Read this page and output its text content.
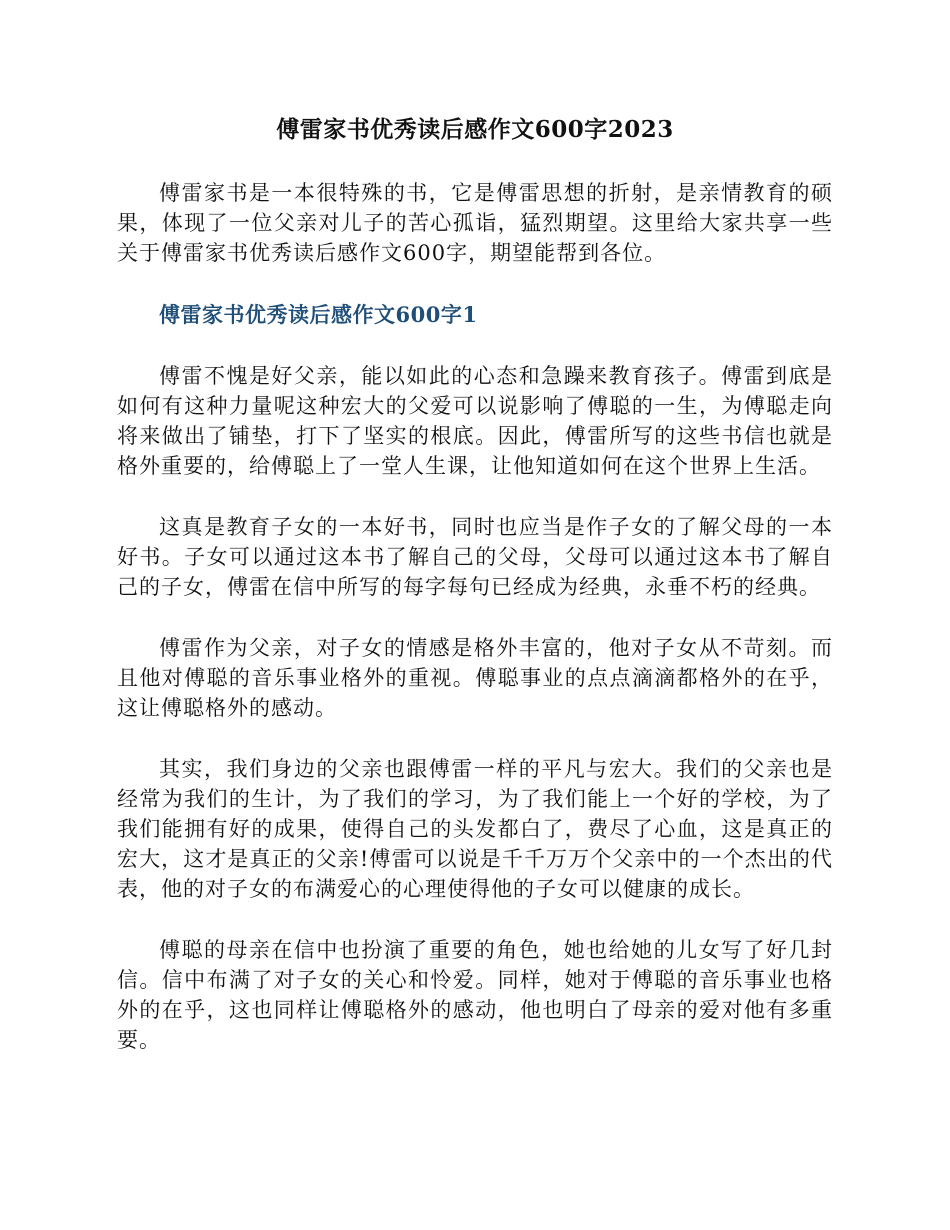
傅雷家书优秀读后感作文600字2023

傅雷家书是一本很特殊的书，它是傅雷思想的折射，是亲情教育的硕果，体现了一位父亲对儿子的苦心孤诣，猛烈期望。这里给大家共享一些关于傅雷家书优秀读后感作文600字，期望能帮到各位。

傅雷家书优秀读后感作文600字1

傅雷不愧是好父亲，能以如此的心态和急躁来教育孩子。傅雷到底是如何有这种力量呢这种宏大的父爱可以说影响了傅聪的一生，为傅聪走向将来做出了铺垫，打下了坚实的根底。因此，傅雷所写的这些书信也就是格外重要的，给傅聪上了一堂人生课，让他知道如何在这个世界上生活。

这真是教育子女的一本好书，同时也应当是作子女的了解父母的一本好书。子女可以通过这本书了解自己的父母，父母可以通过这本书了解自己的子女，傅雷在信中所写的每字每句已经成为经典，永垂不朽的经典。

傅雷作为父亲，对子女的情感是格外丰富的，他对子女从不苛刻。而且他对傅聪的音乐事业格外的重视。傅聪事业的点点滴滴都格外的在乎，这让傅聪格外的感动。

其实，我们身边的父亲也跟傅雷一样的平凡与宏大。我们的父亲也是经常为我们的生计，为了我们的学习，为了我们能上一个好的学校，为了我们能拥有好的成果，使得自己的头发都白了，费尽了心血，这是真正的宏大，这才是真正的父亲!傅雷可以说是千千万万个父亲中的一个杰出的代表，他的对子女的布满爱心的心理使得他的子女可以健康的成长。

傅聪的母亲在信中也扮演了重要的角色，她也给她的儿女写了好几封信。信中布满了对子女的关心和怜爱。同样，她对于傅聪的音乐事业也格外的在乎，这也同样让傅聪格外的感动，他也明白了母亲的爱对他有多重要。
